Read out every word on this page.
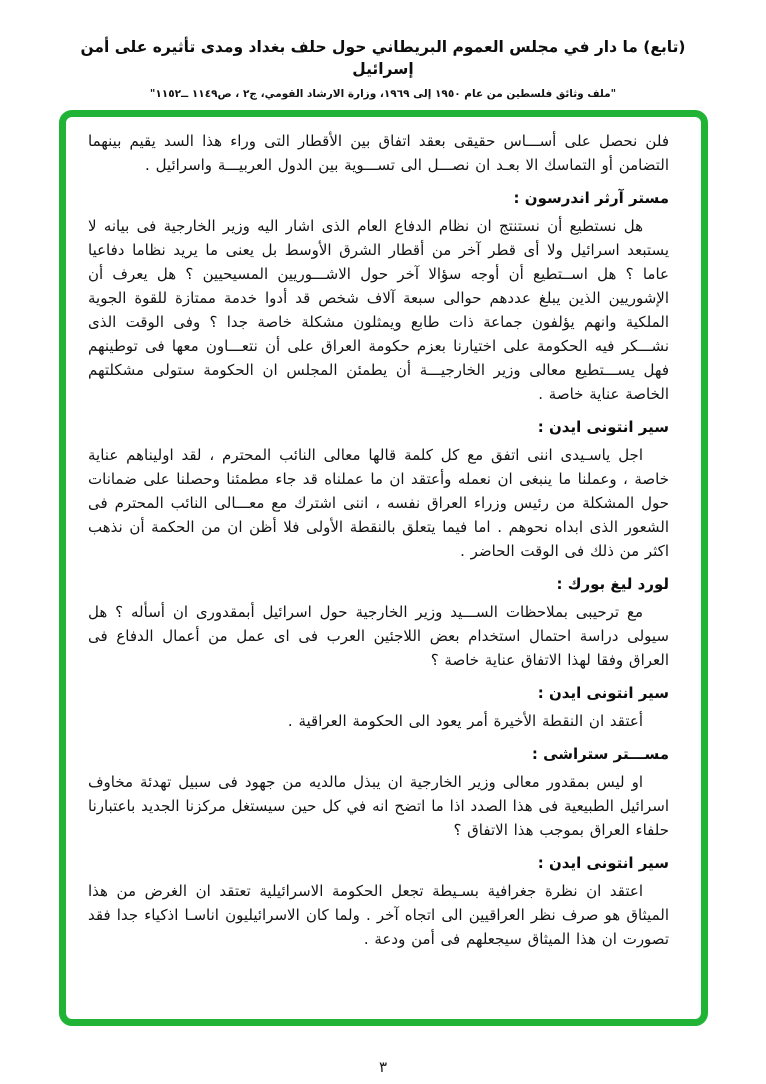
(تابع) ما دار في مجلس العموم البريطاني حول حلف بغداد ومدى تأثيره على أمن إسرائيل
"ملف وثائق فلسطين من عام ١٩٥٠ إلى ١٩٦٩، وزارة الارشاد القومي، ج٢ ، ص١١٤٩ ــ١١٥٢"

فلن نحصل على أســـاس حقيقى بعقد اتفاق بين الأقطار التى وراء هذا السد يقيم بينهما التضامن أو التماسك الا بعـد ان نصـــل الى تســـوية بين الدول العربيـــة واسرائيل .

مستر آرثر اندرسون :

هل نستطيع أن نستنتج ان نظام الدفاع العام الذى اشار اليه وزير الخارجية فى بيانه لا يستبعد اسرائيل ولا أى قطر آخر من أقطار الشرق الأوسط بل يعنى ما يريد نظاما دفاعيا عاما ؟ هل اســتطيع أن أوجه سؤالا آخر حول الاشـــوريين المسيحيين ؟ هل يعرف أن الإشوريين الذين يبلغ عددهم حوالى سبعة آلاف شخص قد أدوا خدمة ممتازة للقوة الجوية الملكية وانهم يؤلفون جماعة ذات طابع ويمثلون مشكلة خاصة جدا ؟ وفى الوقت الذى نشـــكر فيه الحكومة على اختيارنا بعزم حكومة العراق على أن نتعـــاون معها فى توطينهم فهل يســـتطيع معالى وزير الخارجيـــة أن يطمئن المجلس ان الحكومة ستولى مشكلتهم الخاصة عناية خاصة .

سير انتونى ايدن :

اجل ياسـيدى اننى اتفق مع كل كلمة قالها معالى النائب المحترم ، لقد اوليناهم عناية خاصة ، وعملنا ما ينبغى ان نعمله وأعتقد ان ما عملناه قد جاء مطمئنا وحصلنا على ضمانات حول المشكلة من رئيس وزراء العراق نفسه ، اننى اشترك مع معـــالى النائب المحترم فى الشعور الذى ابداه نحوهم . اما فيما يتعلق بالنقطة الأولى فلا أظن ان من الحكمة أن نذهب اكثر من ذلك فى الوقت الحاضر .

لورد ليغ بورك :

مع ترحيبى بملاحظات الســـيد وزير الخارجية حول اسرائيل أبمقدورى ان أسأله ؟ هل سيولى دراسة احتمال استخدام بعض اللاجئين العرب فى اى عمل من أعمال الدفاع فى العراق وفقا لهذا الاتفاق عناية خاصة ؟

سير انتونى ايدن :

أعتقد ان النقطة الأخيرة أمر يعود الى الحكومة العراقية .

مســـتر ستراشى :

او ليس بمقدور معالى وزير الخارجية ان يبذل مالديه من جهود فى سبيل تهدئة مخاوف اسرائيل الطبيعية فى هذا الصدد اذا ما اتضح انه في كل حين سيستغل مركزنا الجديد باعتبارنا حلفاء العراق بموجب هذا الاتفاق ؟

سير انتونى ايدن :

اعتقد ان نظرة جغرافية بسـيطة تجعل الحكومة الاسرائيلية تعتقد ان الغرض من هذا الميثاق هو صرف نظر العراقيين الى اتجاه آخر . ولما كان الاسرائيليون اناسـا اذكياء جدا فقد تصورت ان هذا الميثاق سيجعلهم فى أمن ودعة .

٣
